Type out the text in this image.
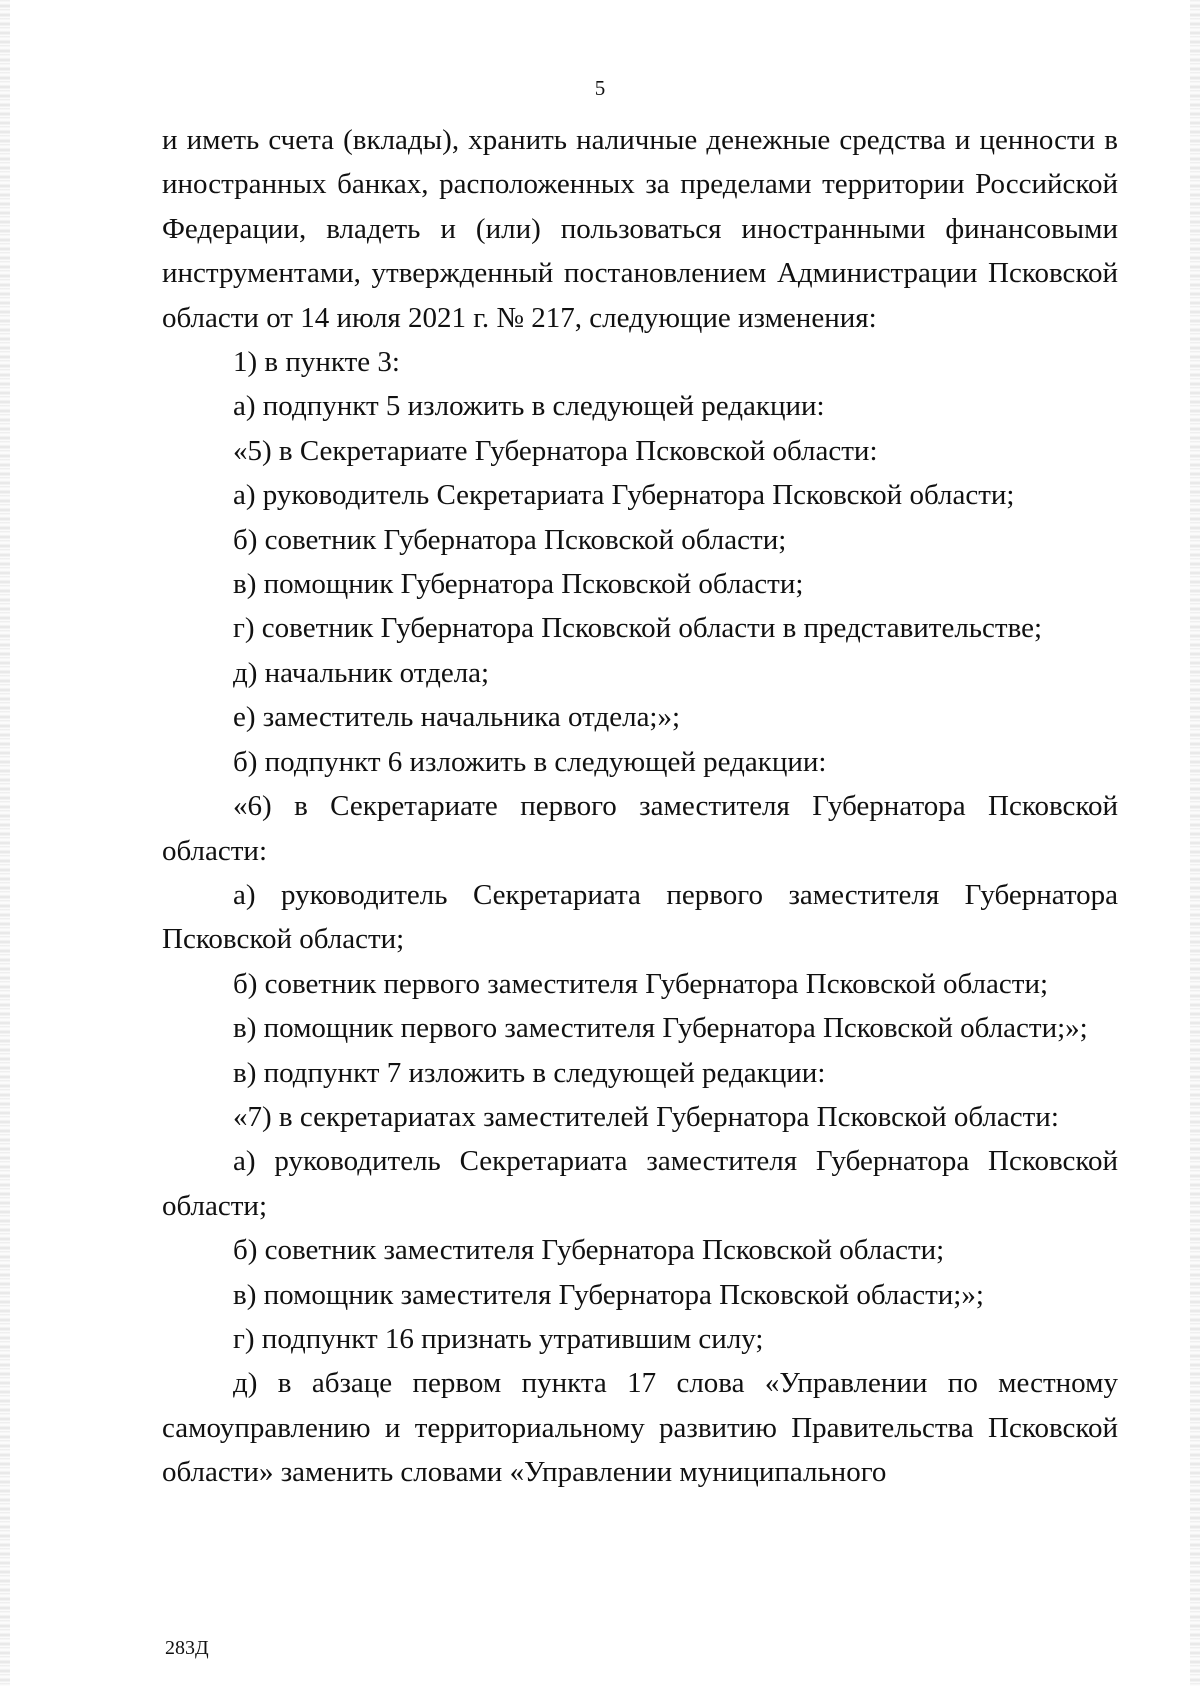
5

и иметь счета (вклады), хранить наличные денежные средства и ценности в иностранных банках, расположенных за пределами территории Российской Федерации, владеть и (или) пользоваться иностранными финансовыми инструментами, утвержденный постановлением Администрации Псковской области от 14 июля 2021 г. № 217, следующие изменения:

1) в пункте 3:

а) подпункт 5 изложить в следующей редакции:

«5) в Секретариате Губернатора Псковской области:

а) руководитель Секретариата Губернатора Псковской области;

б) советник Губернатора Псковской области;

в) помощник Губернатора Псковской области;

г) советник Губернатора Псковской области в представительстве;

д) начальник отдела;

е) заместитель начальника отдела;»;

б) подпункт 6 изложить в следующей редакции:

«6) в Секретариате первого заместителя Губернатора Псковской области:

а) руководитель Секретариата первого заместителя Губернатора Псковской области;

б) советник первого заместителя Губернатора Псковской области;

в) помощник первого заместителя Губернатора Псковской области;»;

в) подпункт 7 изложить в следующей редакции:

«7) в секретариатах заместителей Губернатора Псковской области:

а) руководитель Секретариата заместителя Губернатора Псковской области;

б) советник заместителя Губернатора Псковской области;

в) помощник заместителя Губернатора Псковской области;»;

г) подпункт 16 признать утратившим силу;

д) в абзаце первом пункта 17 слова «Управлении по местному самоуправлению и территориальному развитию Правительства Псковской области» заменить словами «Управлении муниципального

283Д
